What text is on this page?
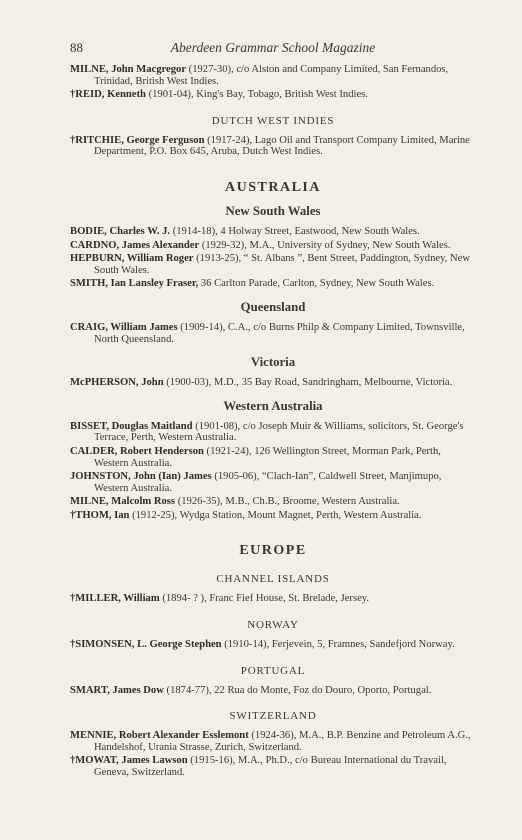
88	Aberdeen Grammar School Magazine

MILNE, John Macgregor (1927-30), c/o Alston and Company Limited, San Fernandos, Trinidad, British West Indies.

†REID, Kenneth (1901-04), King's Bay, Tobago, British West Indies.

DUTCH WEST INDIES

†RITCHIE, George Ferguson (1917-24), Lago Oil and Transport Company Limited, Marine Department, P.O. Box 645, Aruba, Dutch West Indies.

AUSTRALIA
New South Wales

BODIE, Charles W. J. (1914-18), 4 Holway Street, Eastwood, New South Wales.

CARDNO, James Alexander (1929-32), M.A., University of Sydney, New South Wales.

HEPBURN, William Roger (1913-25), “ St. Albans ”, Bent Street, Paddington, Sydney, New South Wales.

SMITH, Ian Lansley Fraser, 36 Carlton Parade, Carlton, Sydney, New South Wales.

Queensland

CRAIG, William James (1909-14), C.A., c/o Burns Philp & Company Limited, Townsville, North Queensland.

Victoria

McPHERSON, John (1900-03), M.D., 35 Bay Road, Sandringham, Melbourne, Victoria.

Western Australia

BISSET, Douglas Maitland (1901-08), c/o Joseph Muir & Williams, solicitors, St. George's Terrace, Perth, Western Australia.

CALDER, Robert Henderson (1921-24), 126 Wellington Street, Morman Park, Perth, Western Australia.

JOHNSTON, John (Ian) James (1905-06), “Clach-Ian”, Caldwell Street, Manjimupo, Western Australia.

MILNE, Malcolm Ross (1926-35), M.B., Ch.B., Broome, Western Australia.

†THOM, Ian (1912-25), Wydga Station, Mount Magnet, Perth, Western Australia.

EUROPE
CHANNEL ISLANDS

†MILLER, William (1894- ? ), Franc Fief House, St. Brelade, Jersey.

NORWAY

†SIMONSEN, L. George Stephen (1910-14), Ferjevein, 5, Framnes, Sandefjord Norway.

PORTUGAL

SMART, James Dow (1874-77), 22 Rua do Monte, Foz do Douro, Oporto, Portugal.

SWITZERLAND

MENNIE, Robert Alexander Esslemont (1924-36), M.A., B.P. Benzine and Petroleum A.G., Handelshof, Urania Strasse, Zurich, Switzerland.

†MOWAT, James Lawson (1915-16), M.A., Ph.D., c/o Bureau International du Travail, Geneva, Switzerland.
